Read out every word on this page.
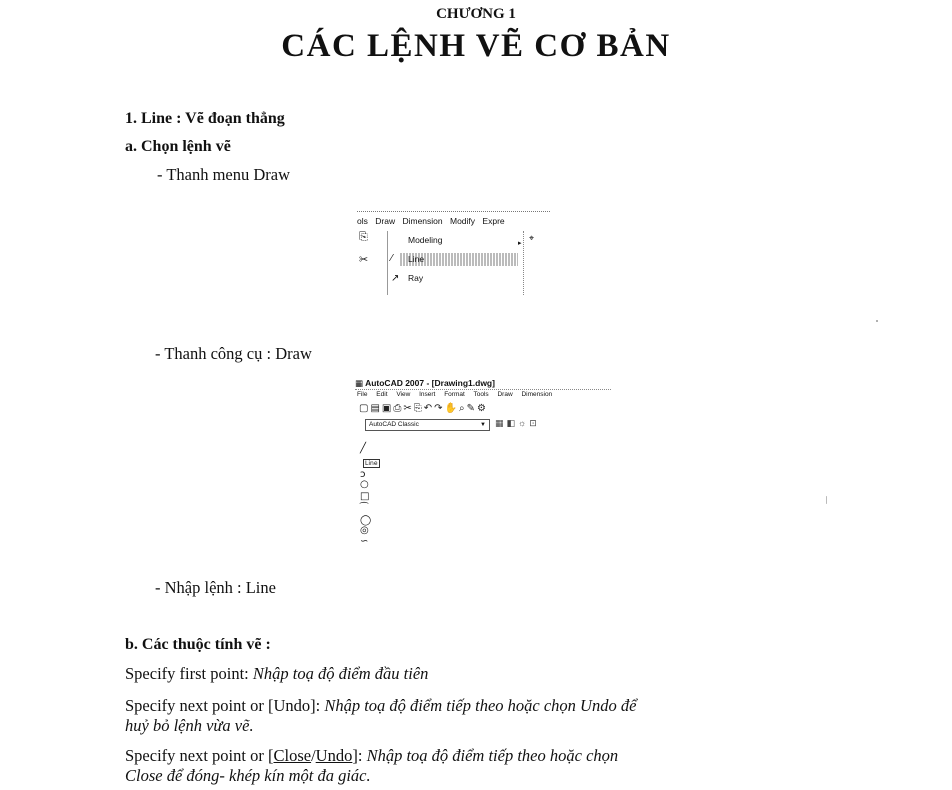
CHƯƠNG 1
CÁC LỆNH VẼ CƠ BẢN
1. Line : Vẽ đoạn thẳng
a. Chọn lệnh vẽ
- Thanh menu Draw
ols Draw Dimension Modify Expre
⎘
✂
Modeling	▸
Line
⁄
Ray
↗
⌖
- Thanh công cụ : Draw
▦ AutoCAD 2007 - [Drawing1.dwg]
File Edit View Insert Format Tools Draw Dimension
▢▤▣⎙✂⎘↶↷✋⌕✎⚙
AutoCAD Classic	▼ ▦◧☼⊡
╱
Line
ↄ
○
□
⁀
◯
◎
∽
- Nhập lệnh : Line
b. Các thuộc tính vẽ :
Specify first point: Nhập toạ độ điểm đầu tiên
Specify next point or [Undo]: Nhập toạ độ điểm tiếp theo hoặc chọn Undo để
huỷ bỏ lệnh vừa vẽ.
Specify next point or [Close/Undo]: Nhập toạ độ điểm tiếp theo hoặc chọn
Close để đóng- khép kín một đa giác.
